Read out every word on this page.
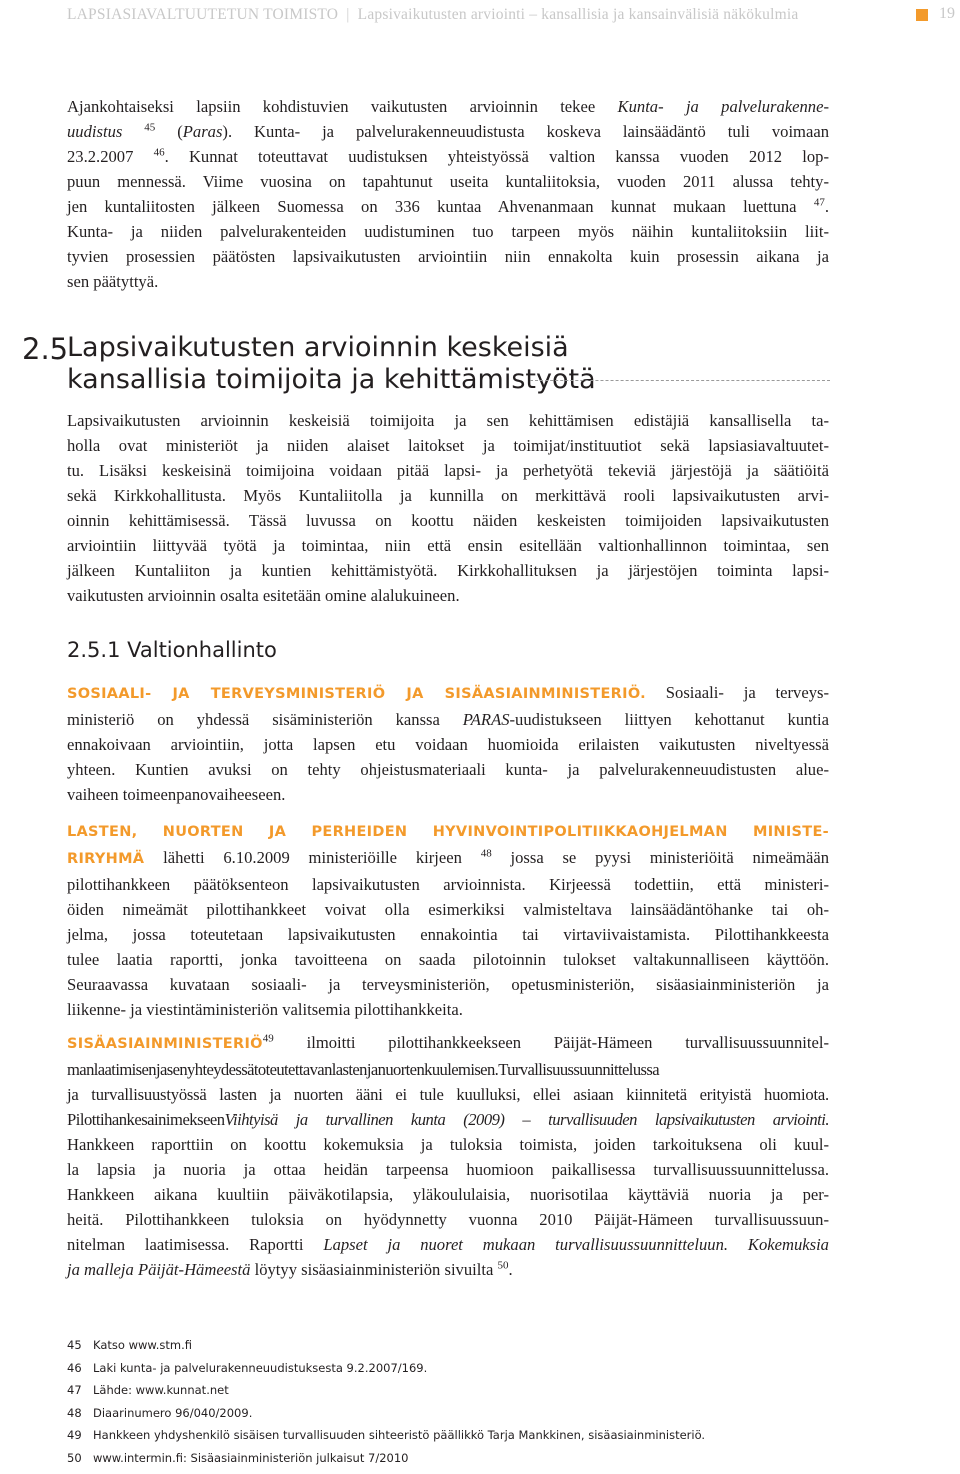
LAPSIASIAVALTUUTETUN TOIMISTO | Lapsivaikutusten arviointi – kansallisia ja kansainvälisiä näkökulmia	19
Ajankohtaiseksi lapsiin kohdistuvien vaikutusten arvioinnin tekee Kunta- ja palvelurakenne-
uudistus $^{45}$ (Paras). Kunta- ja palvelurakenneuudistusta koskeva lainsäädäntö tuli voimaan
23.2.2007 $^{46}$. Kunnat toteuttavat uudistuksen yhteistyössä valtion kanssa vuoden 2012 lop-
puun mennessä. Viime vuosina on tapahtunut useita kuntaliitoksia, vuoden 2011 alussa tehty-
jen kuntaliitosten jälkeen Suomessa on 336 kuntaa Ahvenanmaan kunnat mukaan luettuna $^{47}$.
Kunta- ja niiden palvelurakenteiden uudistuminen tuo tarpeen myös näihin kuntaliitoksiin liit-
tyvien prosessien päätösten lapsivaikutusten arviointiin niin ennakolta kuin prosessin aikana ja
sen päätyttyä.
2.5
Lapsivaikutusten arvioinnin keskeisiä
kansallisia toimijoita ja kehittämistyötä
Lapsivaikutusten arvioinnin keskeisiä toimijoita ja sen kehittämisen edistäjiä kansallisella ta-
holla ovat ministeriöt ja niiden alaiset laitokset ja toimijat/instituutiot sekä lapsiasiavaltuutet-
tu. Lisäksi keskeisinä toimijoina voidaan pitää lapsi- ja perhetyötä tekeviä järjestöjä ja säätiöitä
sekä Kirkkohallitusta. Myös Kuntaliitolla ja kunnilla on merkittävä rooli lapsivaikutusten arvi-
oinnin kehittämisessä. Tässä luvussa on koottu näiden keskeisten toimijoiden lapsivaikutusten
arviointiin liittyvää työtä ja toimintaa, niin että ensin esitellään valtionhallinnon toimintaa, sen
jälkeen Kuntaliiton ja kuntien kehittämistyötä. Kirkkohallituksen ja järjestöjen toiminta lapsi-
vaikutusten arvioinnin osalta esitetään omine alalukuineen.
2.5.1 Valtionhallinto
SOSIAALI- JA TERVEYSMINISTERIÖ JA SISÄASIAINMINISTERIÖ. Sosiaali- ja terveys-
ministeriö on yhdessä sisäministeriön kanssa PARAS-uudistukseen liittyen kehottanut kuntia
ennakoivaan arviointiin, jotta lapsen etu voidaan huomioida erilaisten vaikutusten niveltyessä
yhteen. Kuntien avuksi on tehty ohjeistusmateriaali kunta- ja palvelurakenneuudistusten alue-
vaiheen toimeenpanovaiheeseen.
LASTEN, NUORTEN JA PERHEIDEN HYVINVOINTIPOLITIIKKAOHJELMAN MINISTE-
RIRYHMÄ lähetti 6.10.2009 ministeriöille kirjeen $^{48}$ jossa se pyysi ministeriöitä nimeämään
pilottihankkeen päätöksenteon lapsivaikutusten arvioinnista. Kirjeessä todettiin, että ministeri-
öiden nimeämät pilottihankkeet voivat olla esimerkiksi valmisteltava lainsäädäntöhanke tai oh-
jelma, jossa toteutetaan lapsivaikutusten ennakointia tai virtaviivaistamista. Pilottihankkeesta
tulee laatia raportti, jonka tavoitteena on saada pilotoinnin tulokset valtakunnalliseen käyttöön.
Seuraavassa kuvataan sosiaali- ja terveysministeriön, opetusministeriön, sisäasiainministeriön ja
liikenne- ja viestintäministeriön valitsemia pilottihankkeita.
SISÄASIAINMINISTERIÖ$^{49}$ ilmoitti pilottihankkeekseen Päijät-Hämeen turvallisuussuunnitel-
manlaatimisenjasenyhteydessätoteutettavanlastenjanuortenkuulemisen.Turvallisuussuunnittelussa
ja turvallisuustyössä lasten ja nuorten ääni ei tule kuulluksi, ellei asiaan kiinnitetä erityistä huomiota.
PilottihankesainimekseenViihtyisä ja turvallinen kunta (2009) – turvallisuuden lapsivaikutusten arviointi.
Hankkeen raporttiin on koottu kokemuksia ja tuloksia toimista, joiden tarkoituksena oli kuul-
la lapsia ja nuoria ja ottaa heidän tarpeensa huomioon paikallisessa turvallisuussuunnittelussa.
Hankkeen aikana kuultiin päiväkotilapsia, yläkoululaisia, nuorisotilaa käyttäviä nuoria ja per-
heitä. Pilottihankkeen tuloksia on hyödynnetty vuonna 2010 Päijät-Hämeen turvallisuussuun-
nitelman laatimisessa. Raportti Lapset ja nuoret mukaan turvallisuussuunnitteluun. Kokemuksia
ja malleja Päijät-Hämeestä löytyy sisäasiainministeriön sivuilta $^{50}$.
45 Katso www.stm.fi
46 Laki kunta- ja palvelurakenneuudistuksesta 9.2.2007/169.
47 Lähde: www.kunnat.net
48 Diaarinumero 96/040/2009.
49 Hankkeen yhdyshenkilö sisäisen turvallisuuden sihteeristö päällikkö Tarja Mankkinen, sisäasiainministeriö.
50 www.intermin.fi: Sisäasiainministeriön julkaisut 7/2010
